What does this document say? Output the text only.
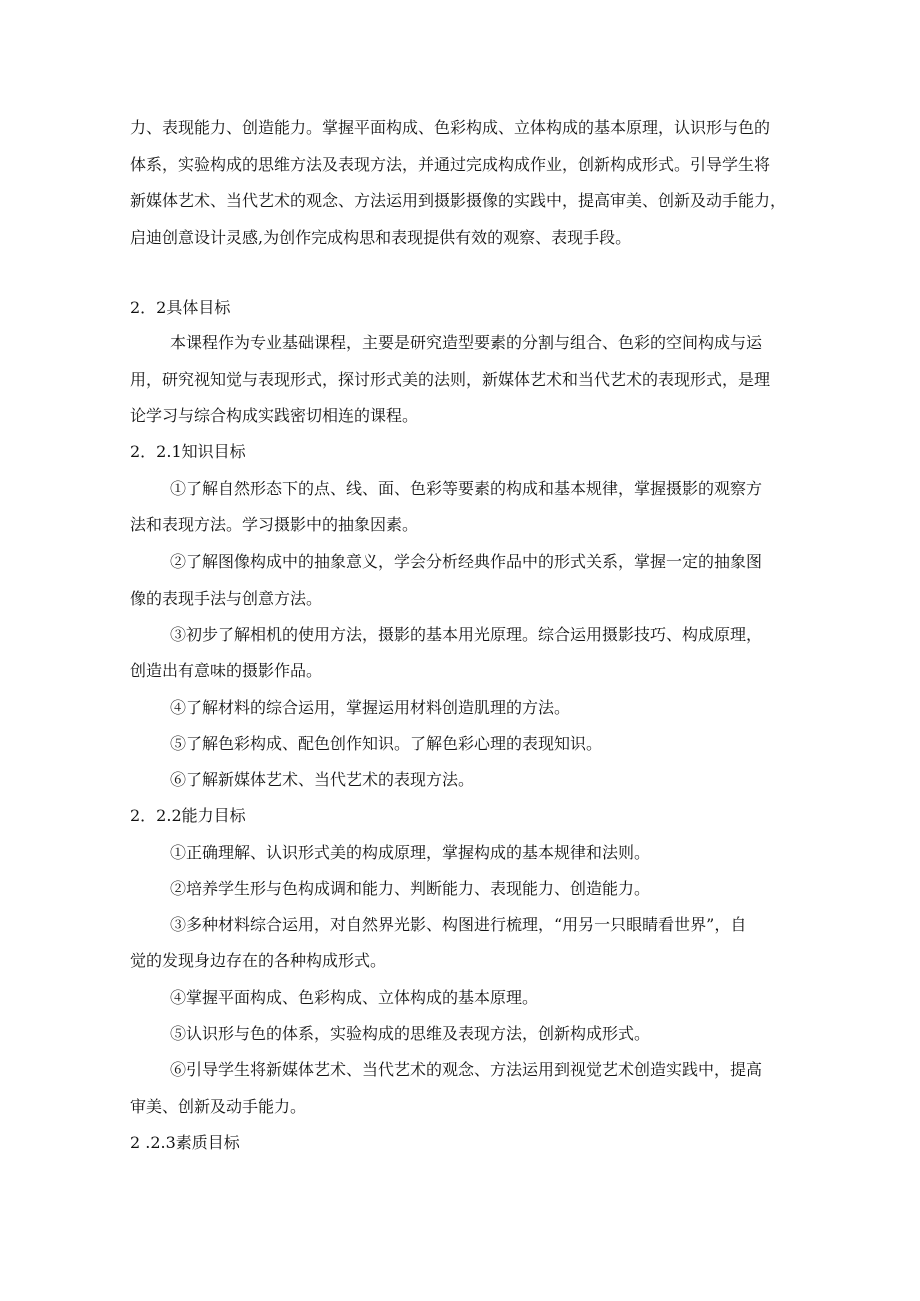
力、表现能力、创造能力。掌握平面构成、色彩构成、立体构成的基本原理，认识形与色的
体系，实验构成的思维方法及表现方法，并通过完成构成作业，创新构成形式。引导学生将
新媒体艺术、当代艺术的观念、方法运用到摄影摄像的实践中，提高审美、创新及动手能力，
启迪创意设计灵感,为创作完成构思和表现提供有效的观察、表现手段。
2．2具体目标
本课程作为专业基础课程，主要是研究造型要素的分割与组合、色彩的空间构成与运
用，研究视知觉与表现形式，探讨形式美的法则，新媒体艺术和当代艺术的表现形式，是理
论学习与综合构成实践密切相连的课程。
2．2.1知识目标
①了解自然形态下的点、线、面、色彩等要素的构成和基本规律，掌握摄影的观察方
法和表现方法。学习摄影中的抽象因素。
②了解图像构成中的抽象意义，学会分析经典作品中的形式关系，掌握一定的抽象图
像的表现手法与创意方法。
③初步了解相机的使用方法，摄影的基本用光原理。综合运用摄影技巧、构成原理，
创造出有意味的摄影作品。
④了解材料的综合运用，掌握运用材料创造肌理的方法。
⑤了解色彩构成、配色创作知识。了解色彩心理的表现知识。
⑥了解新媒体艺术、当代艺术的表现方法。
2．2.2能力目标
①正确理解、认识形式美的构成原理，掌握构成的基本规律和法则。
②培养学生形与色构成调和能力、判断能力、表现能力、创造能力。
③多种材料综合运用，对自然界光影、构图进行梳理，“用另一只眼睛看世界”，自
觉的发现身边存在的各种构成形式。
④掌握平面构成、色彩构成、立体构成的基本原理。
⑤认识形与色的体系，实验构成的思维及表现方法，创新构成形式。
⑥引导学生将新媒体艺术、当代艺术的观念、方法运用到视觉艺术创造实践中，提高
审美、创新及动手能力。
2 .2.3素质目标
